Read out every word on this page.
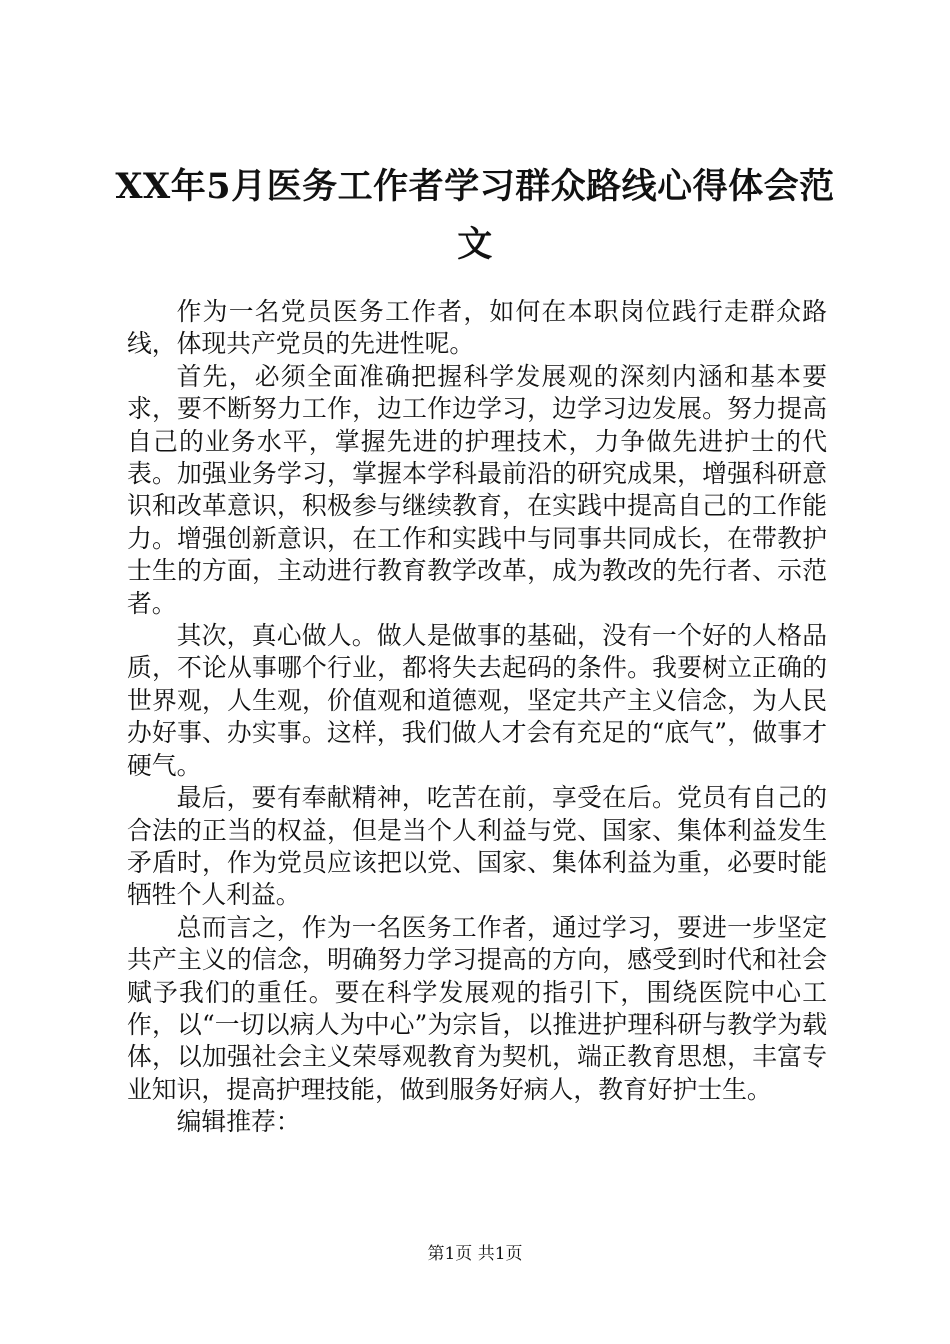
XX年5月医务工作者学习群众路线心得体会范文

作为一名党员医务工作者，如何在本职岗位践行走群众路线，体现共产党员的先进性呢。

首先，必须全面准确把握科学发展观的深刻内涵和基本要求，要不断努力工作，边工作边学习，边学习边发展。努力提高自己的业务水平，掌握先进的护理技术，力争做先进护士的代表。加强业务学习，掌握本学科最前沿的研究成果，增强科研意识和改革意识，积极参与继续教育，在实践中提高自己的工作能力。增强创新意识，在工作和实践中与同事共同成长，在带教护士生的方面，主动进行教育教学改革，成为教改的先行者、示范者。

其次，真心做人。做人是做事的基础，没有一个好的人格品质，不论从事哪个行业，都将失去起码的条件。我要树立正确的世界观，人生观，价值观和道德观，坚定共产主义信念，为人民办好事、办实事。这样，我们做人才会有充足的“底气”，做事才硬气。

最后，要有奉献精神，吃苦在前，享受在后。党员有自己的合法的正当的权益，但是当个人利益与党、国家、集体利益发生矛盾时，作为党员应该把以党、国家、集体利益为重，必要时能牺牲个人利益。

总而言之，作为一名医务工作者，通过学习，要进一步坚定共产主义的信念，明确努力学习提高的方向，感受到时代和社会赋予我们的重任。要在科学发展观的指引下，围绕医院中心工作，以“一切以病人为中心”为宗旨，以推进护理科研与教学为载体，以加强社会主义荣辱观教育为契机，端正教育思想，丰富专业知识，提高护理技能，做到服务好病人，教育好护士生。

编辑推荐：

第1页 共1页
